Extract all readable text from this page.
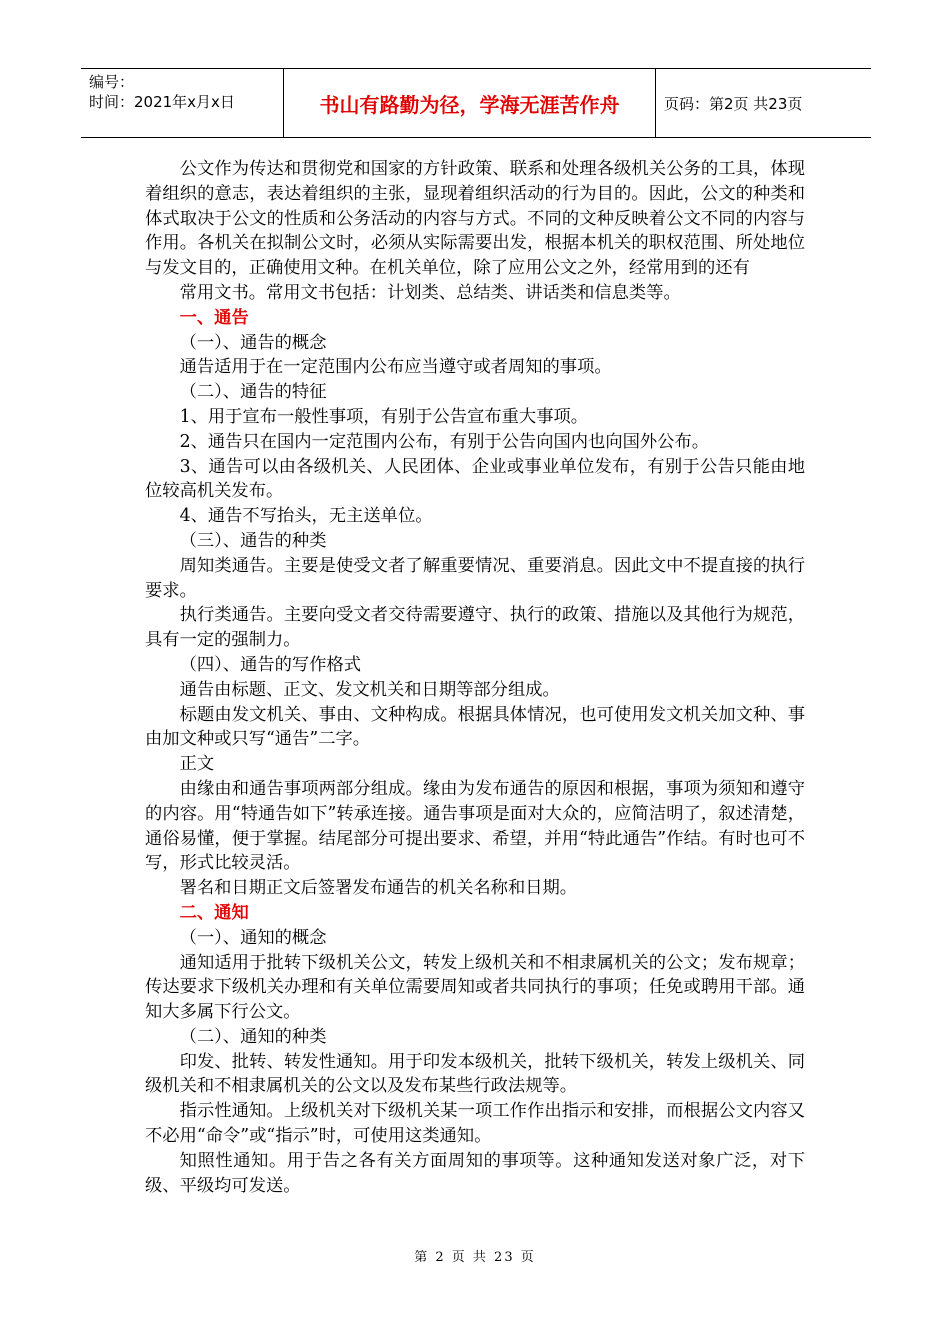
编号：
时间：2021年x月x日	书山有路勤为径，学海无涯苦作舟	页码：第2页 共23页

公文作为传达和贯彻党和国家的方针政策、联系和处理各级机关公务的工具，体现着组织的意志，表达着组织的主张，显现着组织活动的行为目的。因此，公文的种类和体式取决于公文的性质和公务活动的内容与方式。不同的文种反映着公文不同的内容与作用。各机关在拟制公文时，必须从实际需要出发，根据本机关的职权范围、所处地位与发文目的，正确使用文种。在机关单位，除了应用公文之外，经常用到的还有

常用文书。常用文书包括：计划类、总结类、讲话类和信息类等。

一、通告

（一）、通告的概念

通告适用于在一定范围内公布应当遵守或者周知的事项。

（二）、通告的特征

1、用于宣布一般性事项，有别于公告宣布重大事项。

2、通告只在国内一定范围内公布，有别于公告向国内也向国外公布。

3、通告可以由各级机关、人民团体、企业或事业单位发布，有别于公告只能由地位较高机关发布。

4、通告不写抬头，无主送单位。

（三）、通告的种类

周知类通告。主要是使受文者了解重要情况、重要消息。因此文中不提直接的执行要求。

执行类通告。主要向受文者交待需要遵守、执行的政策、措施以及其他行为规范，具有一定的强制力。

（四）、通告的写作格式

通告由标题、正文、发文机关和日期等部分组成。

标题由发文机关、事由、文种构成。根据具体情况，也可使用发文机关加文种、事由加文种或只写“通告”二字。

正文

由缘由和通告事项两部分组成。缘由为发布通告的原因和根据，事项为须知和遵守的内容。用“特通告如下”转承连接。通告事项是面对大众的，应简洁明了，叙述清楚，通俗易懂，便于掌握。结尾部分可提出要求、希望，并用“特此通告”作结。有时也可不写，形式比较灵活。

署名和日期正文后签署发布通告的机关名称和日期。

二、通知

（一）、通知的概念

通知适用于批转下级机关公文，转发上级机关和不相隶属机关的公文；发布规章；传达要求下级机关办理和有关单位需要周知或者共同执行的事项；任免或聘用干部。通知大多属下行公文。

（二）、通知的种类

印发、批转、转发性通知。用于印发本级机关，批转下级机关，转发上级机关、同级机关和不相隶属机关的公文以及发布某些行政法规等。

指示性通知。上级机关对下级机关某一项工作作出指示和安排，而根据公文内容又不必用“命令”或“指示”时，可使用这类通知。

知照性通知。用于告之各有关方面周知的事项等。这种通知发送对象广泛，对下级、平级均可发送。

第 2 页 共 23 页
